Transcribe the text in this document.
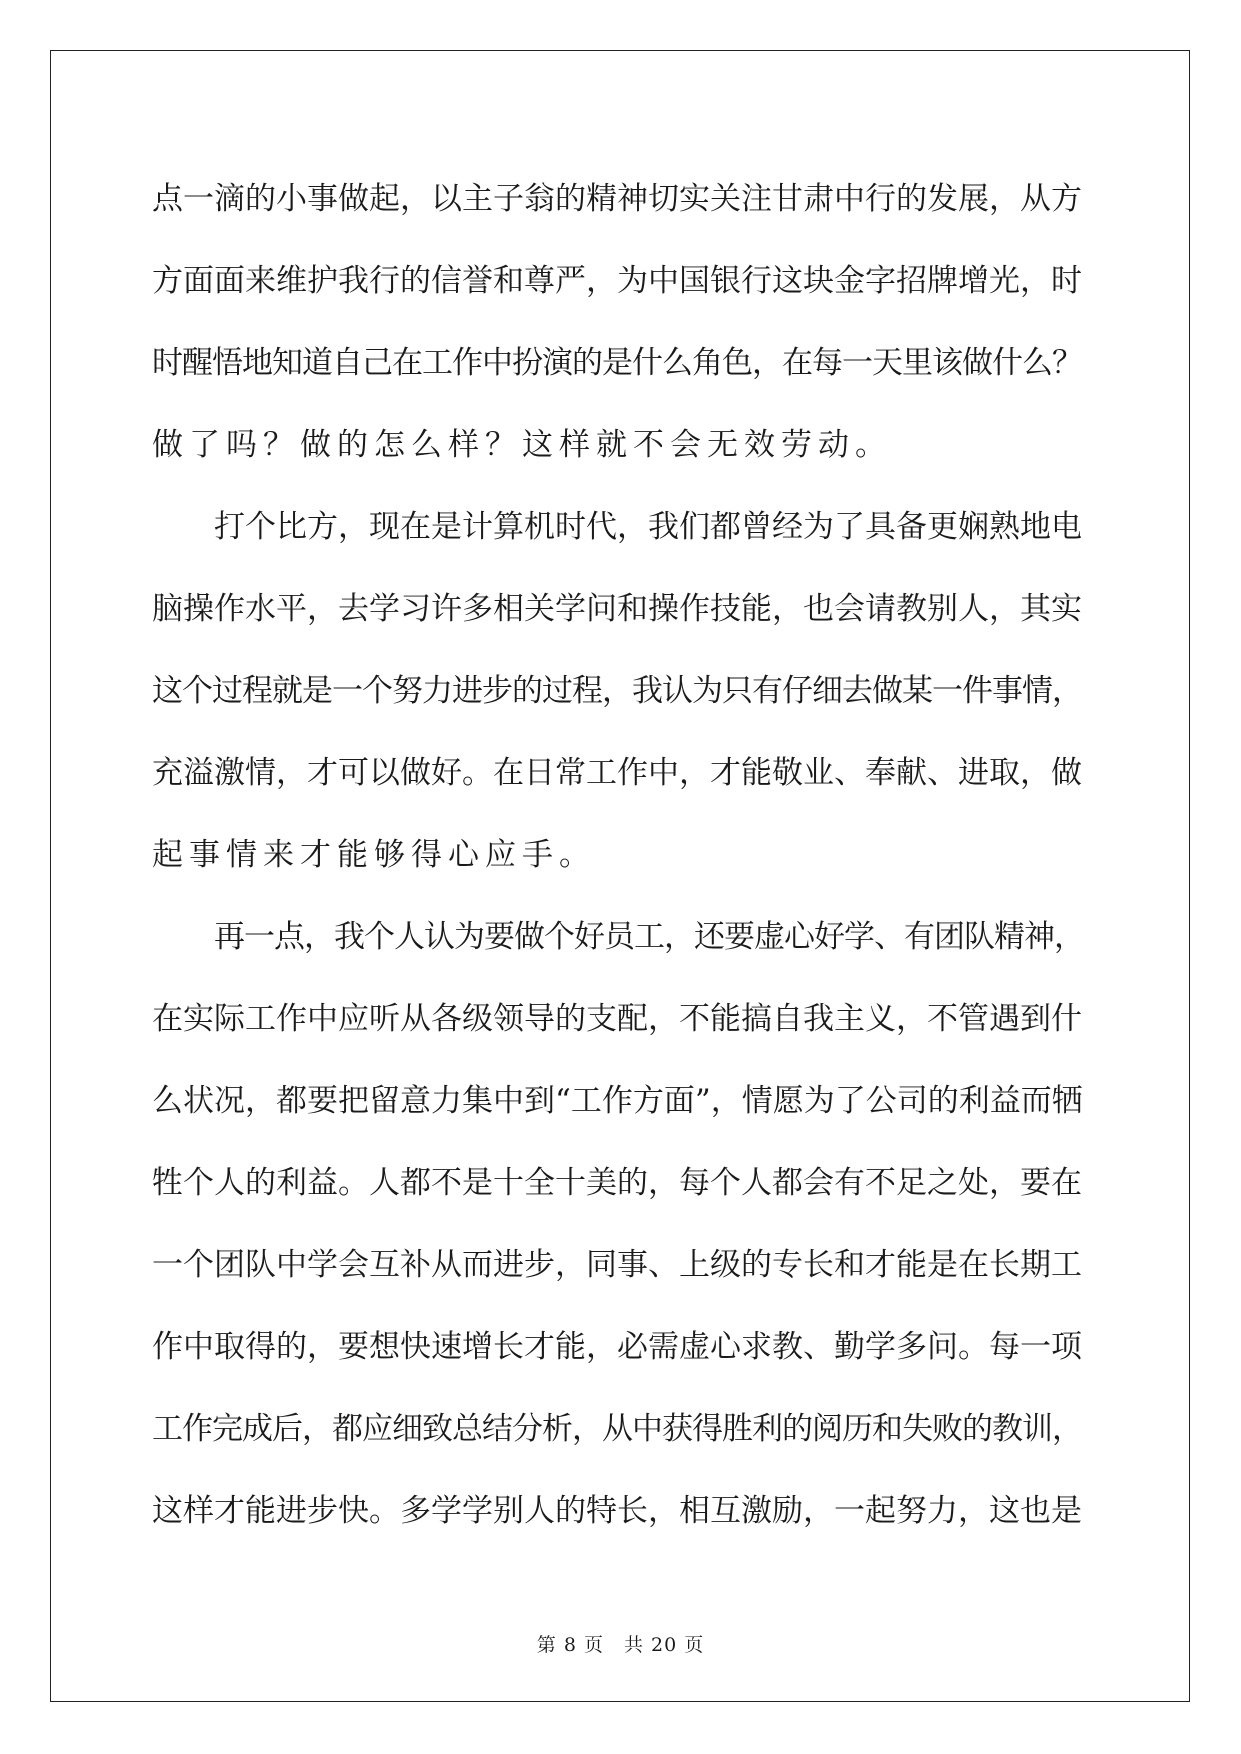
点一滴的小事做起，以主子翁的精神切实关注甘肃中行的发展，从方
方面面来维护我行的信誉和尊严，为中国银行这块金字招牌增光，时
时醒悟地知道自己在工作中扮演的是什么角色，在每一天里该做什么？
做了吗？做的怎么样？这样就不会无效劳动。
打个比方，现在是计算机时代，我们都曾经为了具备更娴熟地电
脑操作水平，去学习许多相关学问和操作技能，也会请教别人，其实
这个过程就是一个努力进步的过程，我认为只有仔细去做某一件事情，
充溢激情，才可以做好。在日常工作中，才能敬业、奉献、进取，做
起事情来才能够得心应手。
再一点，我个人认为要做个好员工，还要虚心好学、有团队精神，
在实际工作中应听从各级领导的支配，不能搞自我主义，不管遇到什
么状况，都要把留意力集中到“工作方面”，情愿为了公司的利益而牺
牲个人的利益。人都不是十全十美的，每个人都会有不足之处，要在
一个团队中学会互补从而进步，同事、上级的专长和才能是在长期工
作中取得的，要想快速增长才能，必需虚心求教、勤学多问。每一项
工作完成后，都应细致总结分析，从中获得胜利的阅历和失败的教训，
这样才能进步快。多学学别人的特长，相互激励，一起努力，这也是
第 8 页　共 20 页
